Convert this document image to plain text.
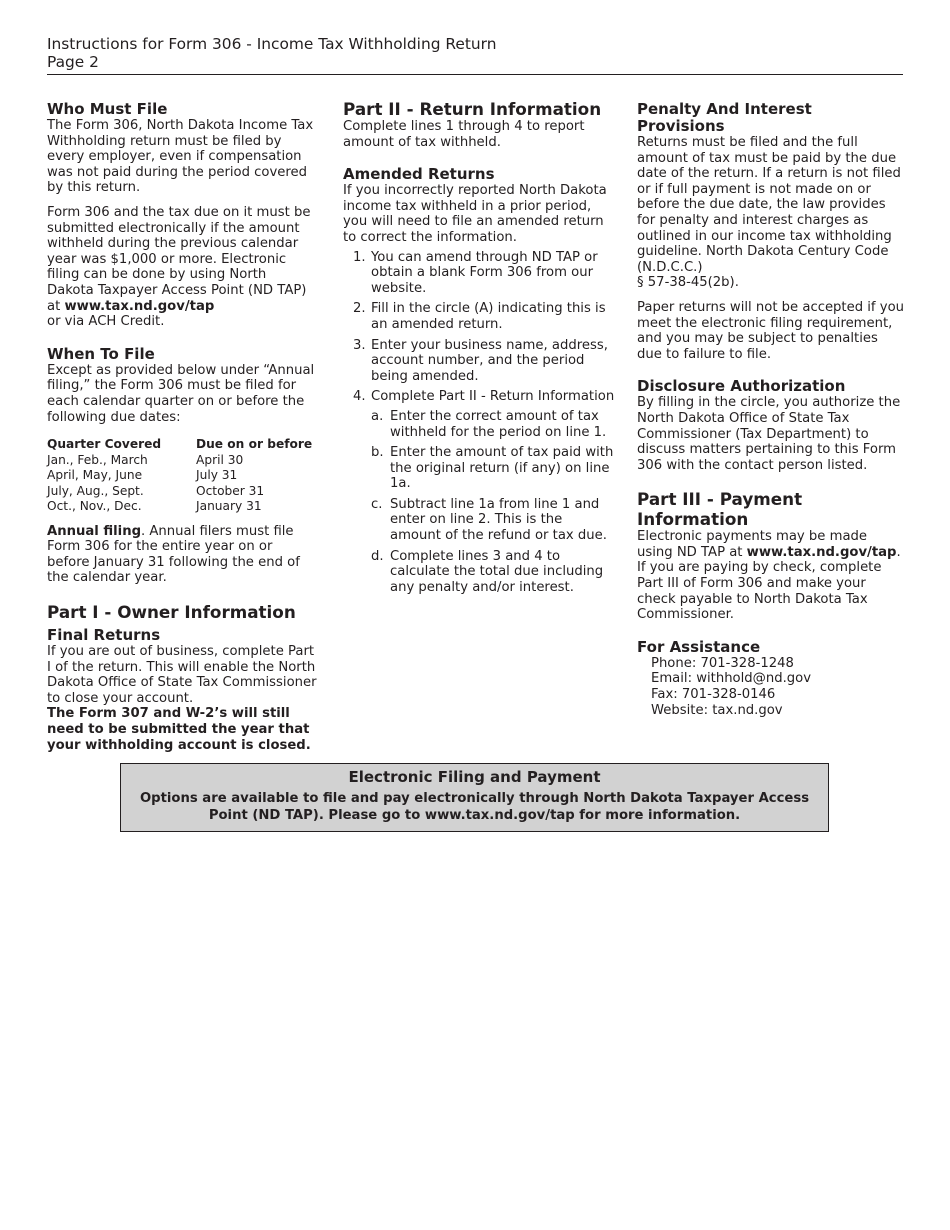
Instructions for Form 306 - Income Tax Withholding Return
Page 2
Who Must File

The Form 306, North Dakota Income Tax Withholding return must be filed by every employer, even if compensation was not paid during the period covered by this return.

Form 306 and the tax due on it must be submitted electronically if the amount withheld during the previous calendar year was $1,000 or more. Electronic filing can be done by using North Dakota Taxpayer Access Point (ND TAP) at www.tax.nd.gov/tap
or via ACH Credit.

When To File

Except as provided below under “Annual filing,” the Form 306 must be filed for each calendar quarter on or before the following due dates:

Quarter Covered	Due on or before
Jan., Feb., March	April 30
April, May, June	July 31
July, Aug., Sept.	October 31
Oct., Nov., Dec.	January 31

Annual filing. Annual filers must file Form 306 for the entire year on or before January 31 following the end of the calendar year.

Part I - Owner Information
Final Returns

If you are out of business, complete Part I of the return. This will enable the North Dakota Office of State Tax Commissioner to close your account.

The Form 307 and W-2’s will still need to be submitted the year that your withholding account is closed.

Part II - Return Information

Complete lines 1 through 4 to report amount of tax withheld.

Amended Returns

If you incorrectly reported North Dakota income tax withheld in a prior period, you will need to file an amended return to correct the information.

1. You can amend through ND TAP or obtain a blank Form 306 from our website.
2. Fill in the circle (A) indicating this is an amended return.
3. Enter your business name, address, account number, and the period being amended.
4. Complete Part II - Return Information
a. Enter the correct amount of tax withheld for the period on line 1.
b. Enter the amount of tax paid with the original return (if any) on line 1a.
c. Subtract line 1a from line 1 and enter on line 2. This is the amount of the refund or tax due.
d. Complete lines 3 and 4 to calculate the total due including any penalty and/or interest.
Penalty And Interest Provisions

Returns must be filed and the full amount of tax must be paid by the due date of the return. If a return is not filed or if full payment is not made on or before the due date, the law provides for penalty and interest charges as outlined in our income tax withholding guideline. North Dakota Century Code (N.D.C.C.)
§ 57-38-45(2b).

Paper returns will not be accepted if you meet the electronic filing requirement, and you may be subject to penalties due to failure to file.

Disclosure Authorization

By filling in the circle, you authorize the North Dakota Office of State Tax Commissioner (Tax Department) to discuss matters pertaining to this Form 306 with the contact person listed.

Part III - Payment Information

Electronic payments may be made using ND TAP at www.tax.nd.gov/tap. If you are paying by check, complete Part III of Form 306 and make your check payable to North Dakota Tax Commissioner.

For Assistance
Phone: 701-328-1248
Email: withhold@nd.gov
Fax: 701-328-0146
Website: tax.nd.gov
Electronic Filing and Payment
Options are available to file and pay electronically through North Dakota Taxpayer Access Point (ND TAP). Please go to www.tax.nd.gov/tap for more information.
